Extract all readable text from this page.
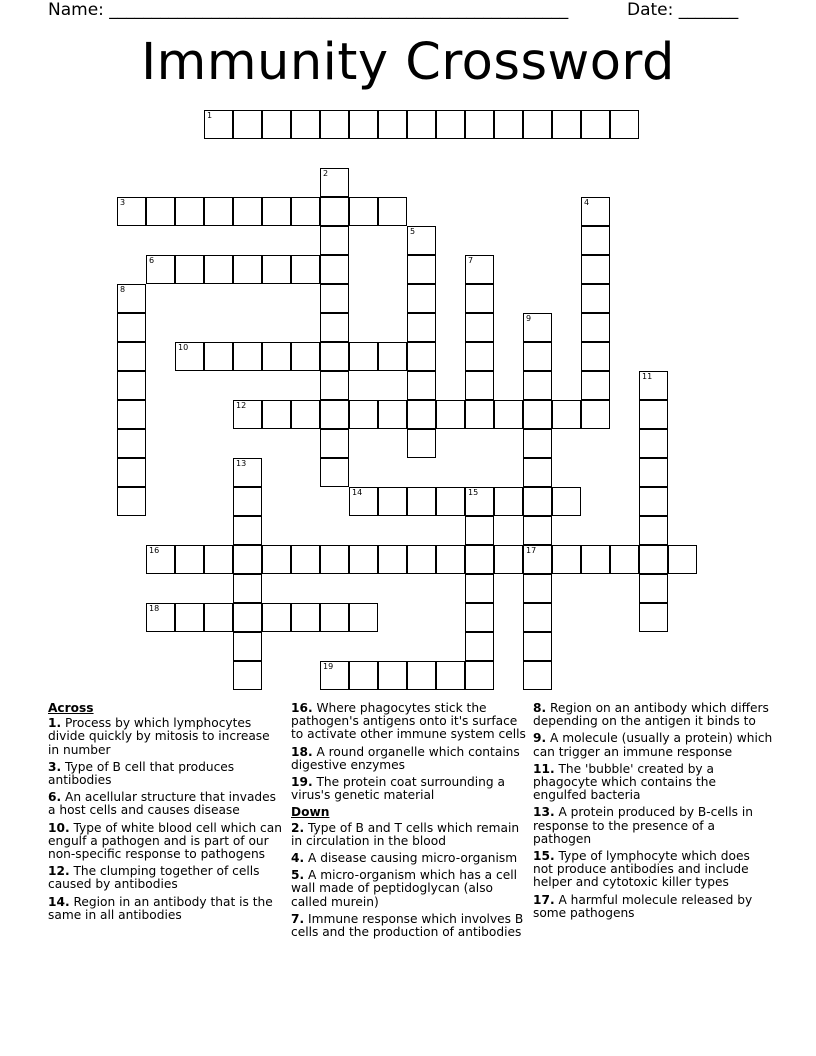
Name: ______________________________________________________	Date: _______
Immunity Crossword
1
2
3	4
5
6	7
8
9
17
10
11
12
13
14	15
16
18
19
Across
1. Process by which lymphocytes divide quickly by mitosis to increase in number
3. Type of B cell that produces antibodies
6. An acellular structure that invades a host cells and causes disease
10. Type of white blood cell which can engulf a pathogen and is part of our non-specific response to pathogens
12. The clumping together of cells caused by antibodies
14. Region in an antibody that is the same in all antibodies
16. Where phagocytes stick the pathogen's antigens onto it's surface to activate other immune system cells
18. A round organelle which contains digestive enzymes
19. The protein coat surrounding a virus's genetic material
Down
2. Type of B and T cells which remain in circulation in the blood
4. A disease causing micro-organism
5. A micro-organism which has a cell wall made of peptidoglycan (also called murein)
7. Immune response which involves B cells and the production of antibodies
8. Region on an antibody which differs depending on the antigen it binds to
9. A molecule (usually a protein) which can trigger an immune response
11. The 'bubble' created by a phagocyte which contains the engulfed bacteria
13. A protein produced by B-cells in response to the presence of a pathogen
15. Type of lymphocyte which does not produce antibodies and include helper and cytotoxic killer types
17. A harmful molecule released by some pathogens
